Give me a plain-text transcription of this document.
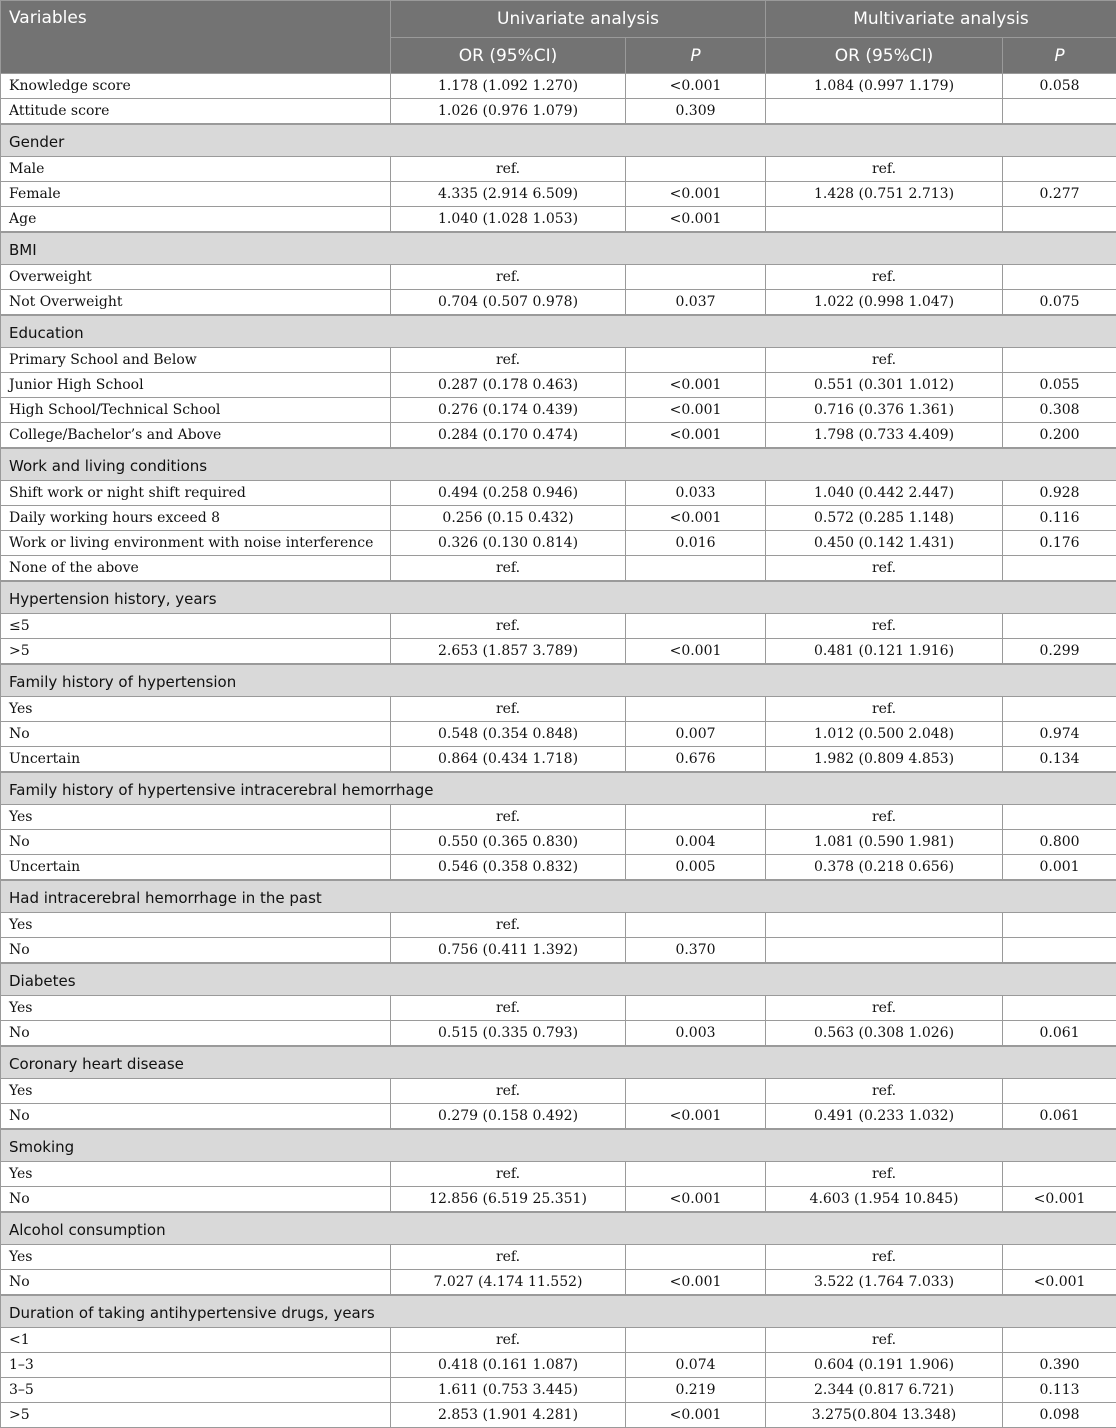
Variables	Univariate analysis		Multivariate analysis	
	OR (95%CI)	P	OR (95%CI)	P
Knowledge score	1.178 (1.092 1.270)	<0.001	1.084 (0.997 1.179)	0.058
Attitude score	1.026 (0.976 1.079)	0.309		
Gender				
Male	ref.		ref.	
Female	4.335 (2.914 6.509)	<0.001	1.428 (0.751 2.713)	0.277
Age	1.040 (1.028 1.053)	<0.001		
BMI				
Overweight	ref.		ref.	
Not Overweight	0.704 (0.507 0.978)	0.037	1.022 (0.998 1.047)	0.075
Education				
Primary School and Below	ref.		ref.	
Junior High School	0.287 (0.178 0.463)	<0.001	0.551 (0.301 1.012)	0.055
High School/Technical School	0.276 (0.174 0.439)	<0.001	0.716 (0.376 1.361)	0.308
College/Bachelor’s and Above	0.284 (0.170 0.474)	<0.001	1.798 (0.733 4.409)	0.200
Work and living conditions				
Shift work or night shift required	0.494 (0.258 0.946)	0.033	1.040 (0.442 2.447)	0.928
Daily working hours exceed 8	0.256 (0.15 0.432)	<0.001	0.572 (0.285 1.148)	0.116
Work or living environment with noise interference	0.326 (0.130 0.814)	0.016	0.450 (0.142 1.431)	0.176
None of the above	ref.		ref.	
Hypertension history, years				
≤5	ref.		ref.	
>5	2.653 (1.857 3.789)	<0.001	0.481 (0.121 1.916)	0.299
Family history of hypertension				
Yes	ref.		ref.	
No	0.548 (0.354 0.848)	0.007	1.012 (0.500 2.048)	0.974
Uncertain	0.864 (0.434 1.718)	0.676	1.982 (0.809 4.853)	0.134
Family history of hypertensive intracerebral hemorrhage				
Yes	ref.		ref.	
No	0.550 (0.365 0.830)	0.004	1.081 (0.590 1.981)	0.800
Uncertain	0.546 (0.358 0.832)	0.005	0.378 (0.218 0.656)	0.001
Had intracerebral hemorrhage in the past				
Yes	ref.			
No	0.756 (0.411 1.392)	0.370		
Diabetes				
Yes	ref.		ref.	
No	0.515 (0.335 0.793)	0.003	0.563 (0.308 1.026)	0.061
Coronary heart disease				
Yes	ref.		ref.	
No	0.279 (0.158 0.492)	<0.001	0.491 (0.233 1.032)	0.061
Smoking				
Yes	ref.		ref.	
No	12.856 (6.519 25.351)	<0.001	4.603 (1.954 10.845)	<0.001
Alcohol consumption				
Yes	ref.		ref.	
No	7.027 (4.174 11.552)	<0.001	3.522 (1.764 7.033)	<0.001
Duration of taking antihypertensive drugs, years				
<1	ref.		ref.	
1–3	0.418 (0.161 1.087)	0.074	0.604 (0.191 1.906)	0.390
3–5	1.611 (0.753 3.445)	0.219	2.344 (0.817 6.721)	0.113
>5	2.853 (1.901 4.281)	<0.001	3.275(0.804 13.348)	0.098
